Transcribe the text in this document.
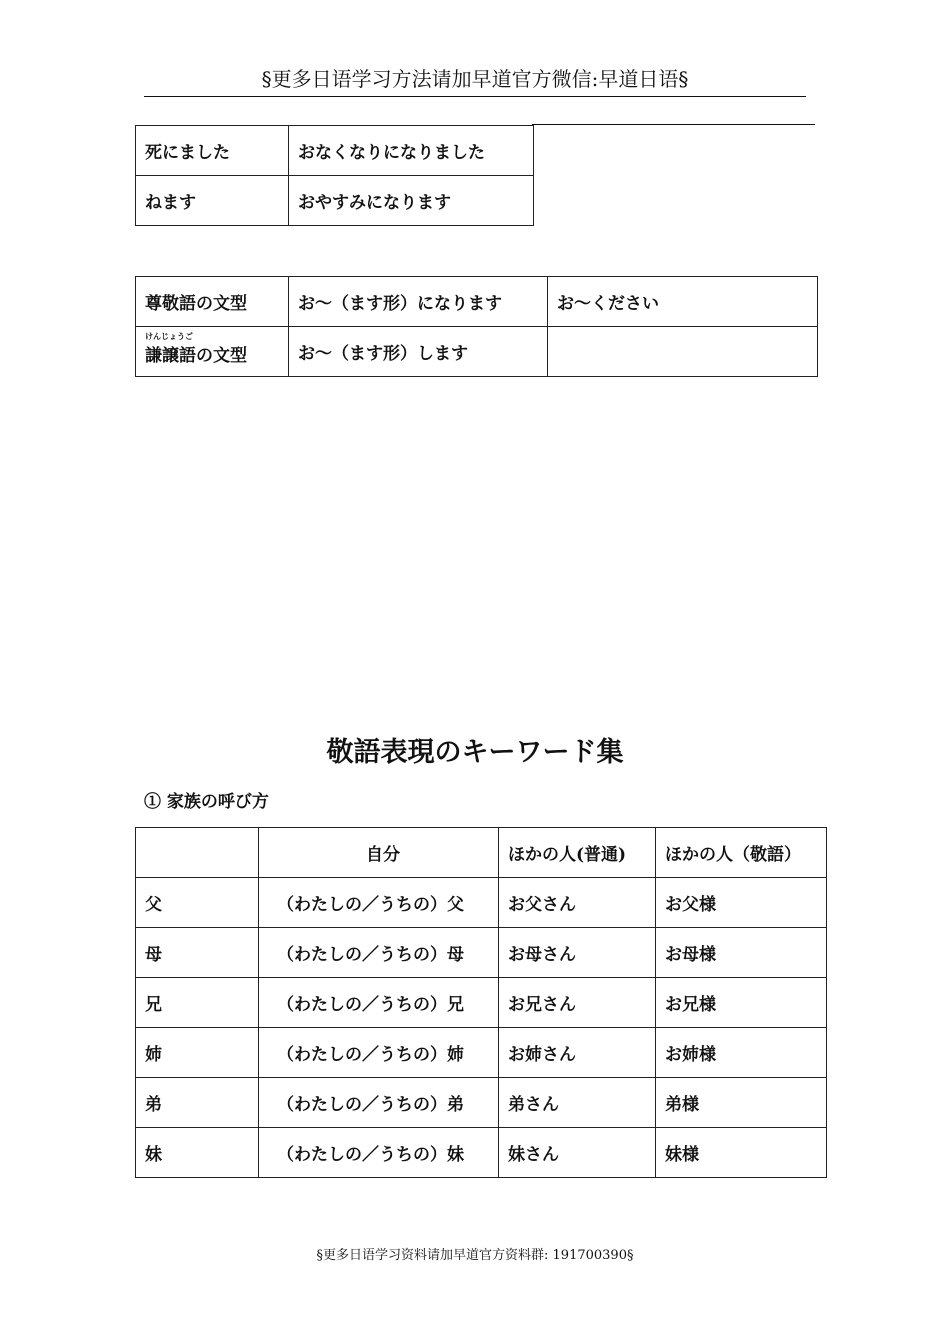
§更多日语学习方法请加早道官方微信:早道日语§
死にました	おなくなりになりました
ねます	おやすみになります
尊敬語の文型	お～（ます形）になります	お～ください

けんじょうご
謙譲語の文型	お～（ます形）します	
敬語表現のキーワード集
① 家族の呼び方
	自分	ほかの人(普通)	ほかの人（敬語）
父	（わたしの／うちの）父	お父さん	お父様
母	（わたしの／うちの）母	お母さん	お母様
兄	（わたしの／うちの）兄	お兄さん	お兄様
姉	（わたしの／うちの）姉	お姉さん	お姉様
弟	（わたしの／うちの）弟	弟さん	弟様
妹	（わたしの／うちの）妹	妹さん	妹様
§更多日语学习资料请加早道官方资料群: 191700390§
